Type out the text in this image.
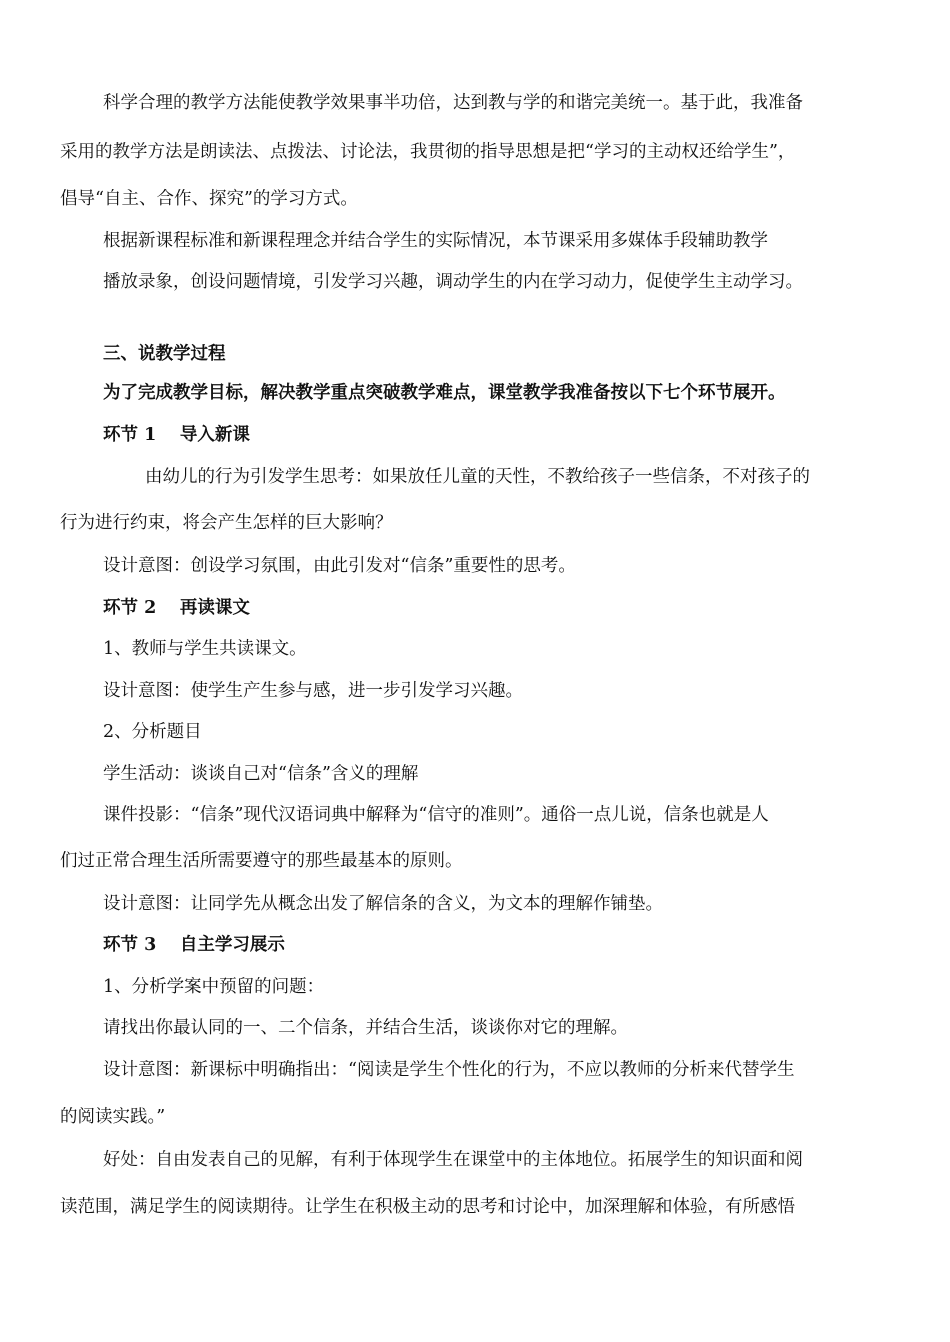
科学合理的教学方法能使教学效果事半功倍，达到教与学的和谐完美统一。基于此，我准备
采用的教学方法是朗读法、点拨法、讨论法，我贯彻的指导思想是把“学习的主动权还给学生”，
倡导“自主、合作、探究”的学习方式。
根据新课程标准和新课程理念并结合学生的实际情况，本节课采用多媒体手段辅助教学
播放录象，创设问题情境，引发学习兴趣，调动学生的内在学习动力，促使学生主动学习。
三、说教学过程
为了完成教学目标，解决教学重点突破教学难点，课堂教学我准备按以下七个环节展开。
环节 1　 导入新课
由幼儿的行为引发学生思考：如果放任儿童的天性，不教给孩子一些信条，不对孩子的
行为进行约束，将会产生怎样的巨大影响？
设计意图：创设学习氛围，由此引发对“信条”重要性的思考。
环节 2　 再读课文
1、教师与学生共读课文。
设计意图：使学生产生参与感，进一步引发学习兴趣。
2、分析题目
学生活动：谈谈自己对“信条”含义的理解
课件投影：“信条”现代汉语词典中解释为“信守的准则”。通俗一点儿说，信条也就是人
们过正常合理生活所需要遵守的那些最基本的原则。
设计意图：让同学先从概念出发了解信条的含义，为文本的理解作铺垫。
环节 3　 自主学习展示
1、分析学案中预留的问题：
请找出你最认同的一、二个信条，并结合生活，谈谈你对它的理解。
设计意图：新课标中明确指出：“阅读是学生个性化的行为，不应以教师的分析来代替学生
的阅读实践。”
好处：自由发表自己的见解，有利于体现学生在课堂中的主体地位。拓展学生的知识面和阅
读范围，满足学生的阅读期待。让学生在积极主动的思考和讨论中，加深理解和体验，有所感悟
